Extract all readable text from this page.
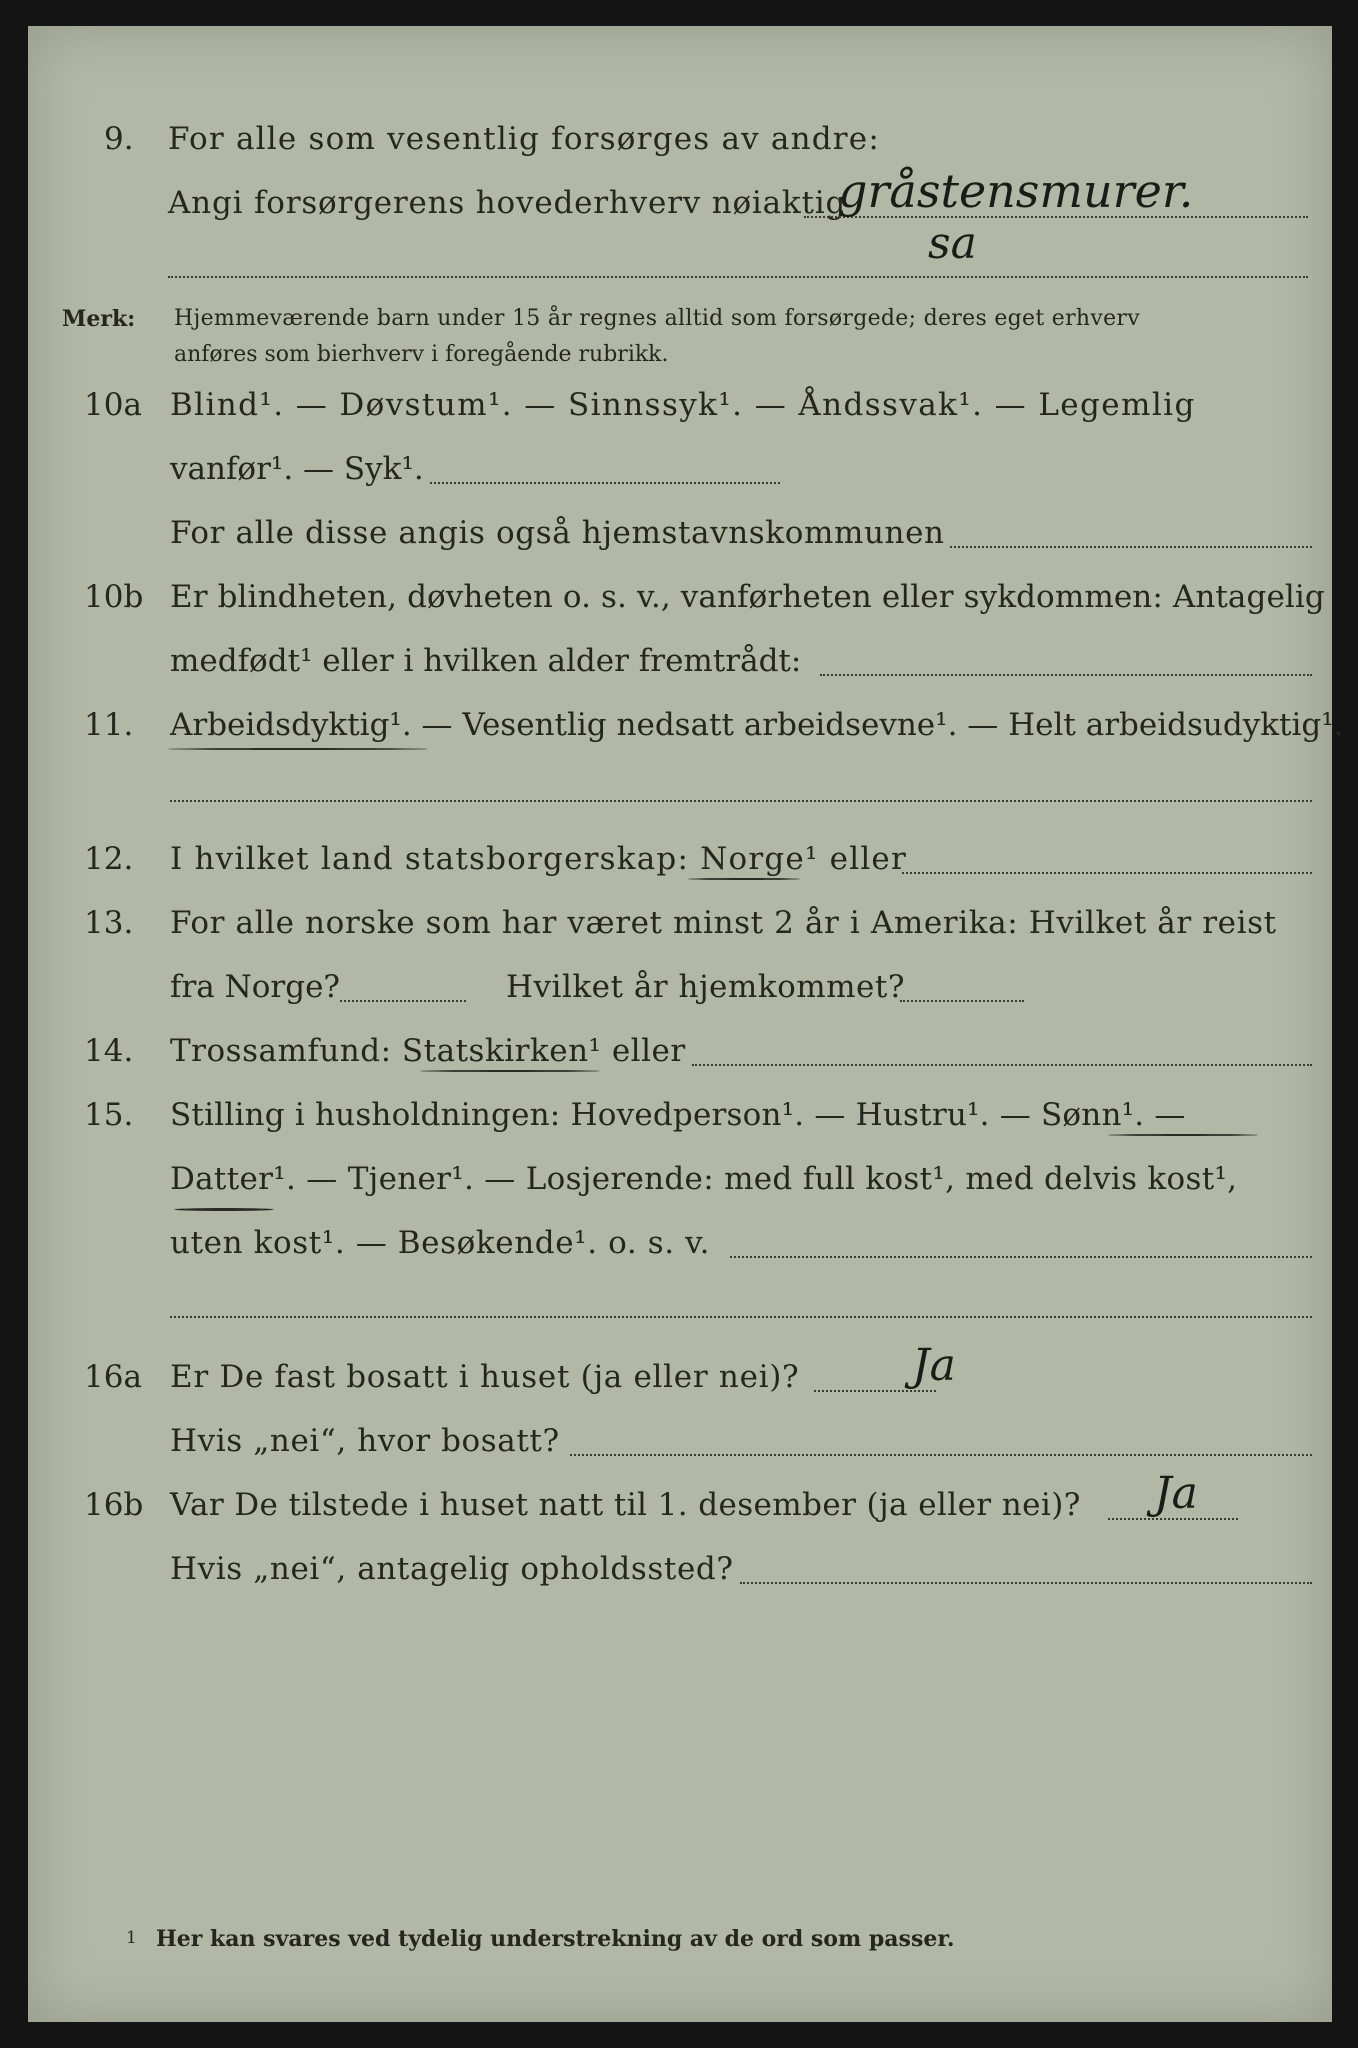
9. For alle som vesentlig forsørges av andre:
Angi forsørgerens hovederhverv nøiaktig
gråstensmurer.
sa
Merk: Hjemmeværende barn under 15 år regnes alltid som forsørgede; deres eget erhverv
anføres som bierhverv i foregående rubrikk.
10a Blind¹. — Døvstum¹. — Sinnssyk¹. — Åndssvak¹. — Legemlig
vanfør¹. — Syk¹.
For alle disse angis også hjemstavnskommunen
10b Er blindheten, døvheten o. s. v., vanførheten eller sykdommen: Antagelig
medfødt¹ eller i hvilken alder fremtrådt:
11. Arbeidsdyktig¹. — Vesentlig nedsatt arbeidsevne¹. — Helt arbeidsudyktig¹.
12. I hvilket land statsborgerskap: Norge¹ eller
13. For alle norske som har været minst 2 år i Amerika: Hvilket år reist
fra Norge?	Hvilket år hjemkommet?
14. Trossamfund: Statskirken¹ eller
15. Stilling i husholdningen: Hovedperson¹. — Hustru¹. — Sønn¹. —
Datter¹. — Tjener¹. — Losjerende: med full kost¹, med delvis kost¹,
uten kost¹. — Besøkende¹. o. s. v.
16a Er De fast bosatt i huset (ja eller nei)?	Ja
Hvis „nei“, hvor bosatt?
16b Var De tilstede i huset natt til 1. desember (ja eller nei)? Ja
Hvis „nei“, antagelig opholdssted?
1 Her kan svares ved tydelig understrekning av de ord som passer.
